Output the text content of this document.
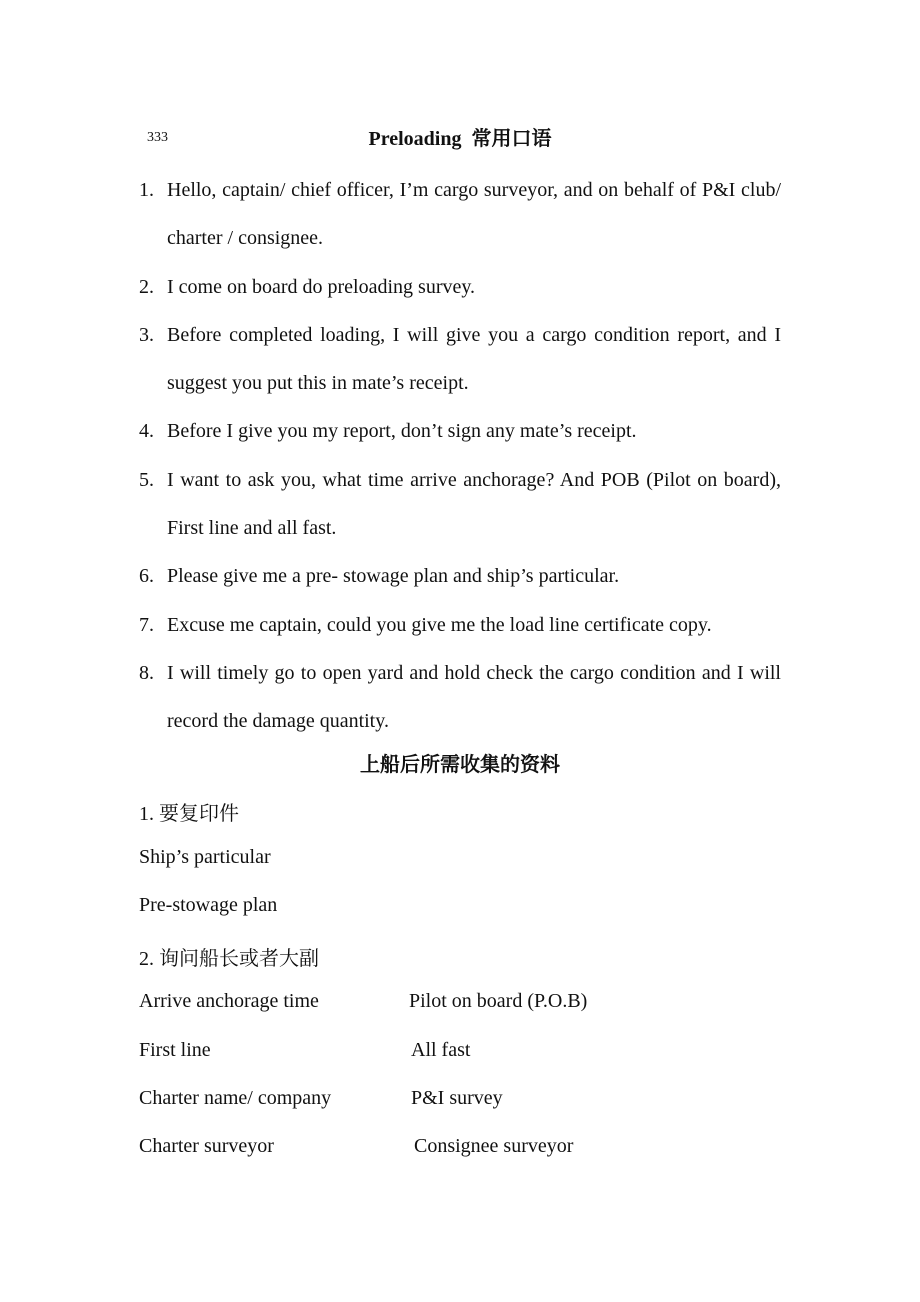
333	Preloading 常用口语
1. Hello, captain/ chief officer, I’m cargo surveyor, and on behalf of P&I club/ charter / consignee.
2. I come on board do preloading survey.
3. Before completed loading, I will give you a cargo condition report, and I suggest you put this in mate’s receipt.
4. Before I give you my report, don’t sign any mate’s receipt.
5. I want to ask you, what time arrive anchorage? And POB (Pilot on board), First line and all fast.
6. Please give me a pre- stowage plan and ship’s particular.
7. Excuse me captain, could you give me the load line certificate copy.
8. I will timely go to open yard and hold check the cargo condition and I will record the damage quantity.
上船后所需收集的资料
1. 要复印件
Ship’s particular
Pre-stowage plan
2. 询问船长或者大副
Arrive anchorage time	Pilot on board (P.O.B)
First line	All fast
Charter name/ company	P&I survey
Charter surveyor	Consignee surveyor
